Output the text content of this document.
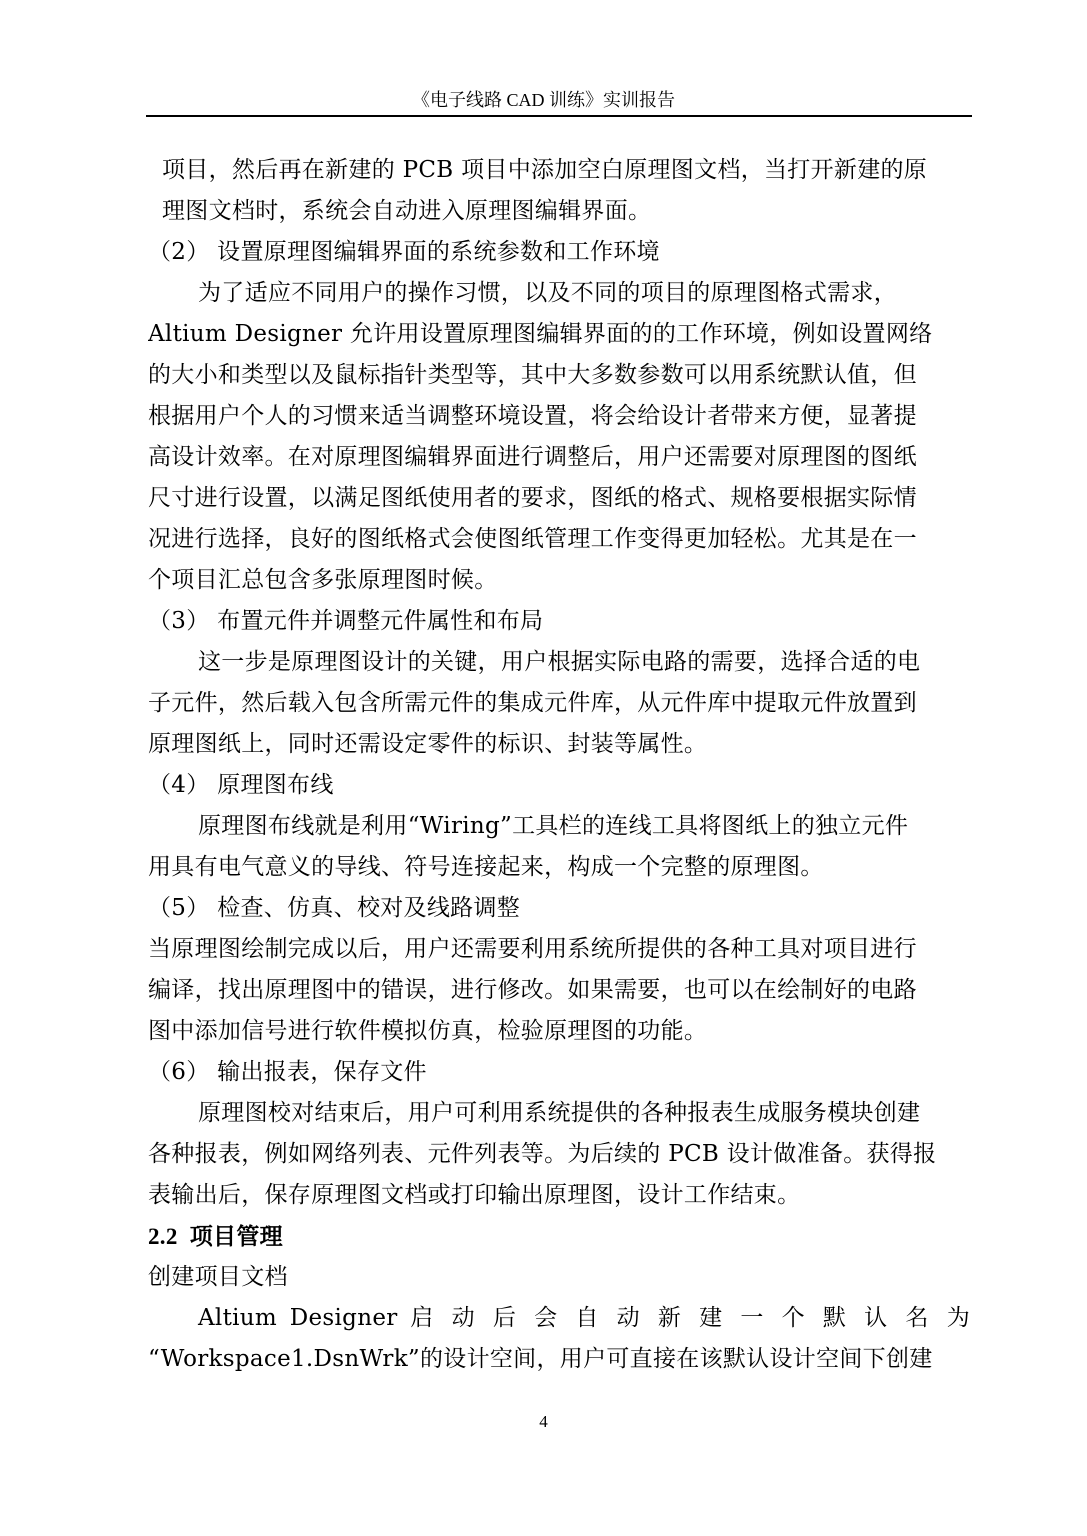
《电子线路 CAD 训练》实训报告
项目，然后再在新建的 PCB 项目中添加空白原理图文档，当打开新建的原
理图文档时，系统会自动进入原理图编辑界面。
（2） 设置原理图编辑界面的系统参数和工作环境
为了适应不同用户的操作习惯，以及不同的项目的原理图格式需求，
Altium Designer 允许用设置原理图编辑界面的的工作环境，例如设置网络
的大小和类型以及鼠标指针类型等，其中大多数参数可以用系统默认值，但
根据用户个人的习惯来适当调整环境设置，将会给设计者带来方便，显著提
高设计效率。在对原理图编辑界面进行调整后，用户还需要对原理图的图纸
尺寸进行设置，以满足图纸使用者的要求，图纸的格式、规格要根据实际情
况进行选择，良好的图纸格式会使图纸管理工作变得更加轻松。尤其是在一
个项目汇总包含多张原理图时候。
（3） 布置元件并调整元件属性和布局
这一步是原理图设计的关键，用户根据实际电路的需要，选择合适的电
子元件，然后载入包含所需元件的集成元件库，从元件库中提取元件放置到
原理图纸上，同时还需设定零件的标识、封装等属性。
（4） 原理图布线
原理图布线就是利用“Wiring”工具栏的连线工具将图纸上的独立元件
用具有电气意义的导线、符号连接起来，构成一个完整的原理图。
（5） 检查、仿真、校对及线路调整
当原理图绘制完成以后，用户还需要利用系统所提供的各种工具对项目进行
编译，找出原理图中的错误，进行修改。如果需要，也可以在绘制好的电路
图中添加信号进行软件模拟仿真，检验原理图的功能。
（6） 输出报表，保存文件
原理图校对结束后，用户可利用系统提供的各种报表生成服务模块创建
各种报表，例如网络列表、元件列表等。为后续的 PCB 设计做准备。获得报
表输出后，保存原理图文档或打印输出原理图，设计工作结束。
2.2  项目管理
创建项目文档
Altium Designer 启 动 后 会 自 动 新 建 一 个 默 认 名 为
“Workspace1.DsnWrk”的设计空间，用户可直接在该默认设计空间下创建
4
